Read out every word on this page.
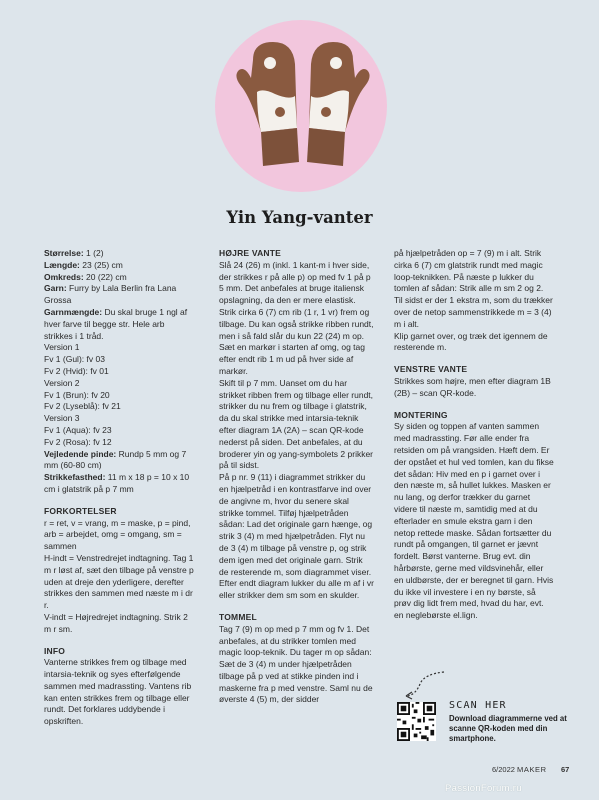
Yin Yang-vanter

Størrelse: 1 (2)

Længde: 23 (25) cm

Omkreds: 20 (22) cm

Garn: Furry by Lala Berlin fra Lana Grossa

Garnmængde: Du skal bruge 1 ngl af hver farve til begge str. Hele arb strikkes i 1 tråd.

Version 1

Fv 1 (Gul): fv 03

Fv 2 (Hvid): fv 01

Version 2

Fv 1 (Brun): fv 20

Fv 2 (Lyseblå): fv 21

Version 3

Fv 1 (Aqua): fv 23

Fv 2 (Rosa): fv 12

Vejledende pinde: Rundp 5 mm og 7 mm (60-80 cm)

Strikkefasthed: 11 m x 18 p = 10 x 10 cm i glatstrik på p 7 mm

FORKORTELSER

r = ret, v = vrang, m = maske, p = pind, arb = arbejdet, omg = omgang, sm = sammen

H-indt = Venstredrejet indtagning. Tag 1 m r løst af, sæt den tilbage på venstre p uden at dreje den yderligere, derefter strikkes den sammen med næste m i dr r.

V-indt = Højredrejet indtagning. Strik 2 m r sm.

INFO

Vanterne strikkes frem og tilbage med intarsia-teknik og syes efterfølgende sammen med madrassting. Vantens rib kan enten strikkes frem og tilbage eller rundt. Det forklares uddybende i opskriften.

HØJRE VANTE

Slå 24 (26) m (inkl. 1 kant-m i hver side, der strikkes r på alle p) op med fv 1 på p 5 mm. Det anbefales at bruge italiensk opslagning, da den er mere elastisk. Strik cirka 6 (7) cm rib (1 r, 1 vr) frem og tilbage. Du kan også strikke ribben rundt, men i så fald slår du kun 22 (24) m op. Sæt en markør i starten af omg, og tag efter endt rib 1 m ud på hver side af markør.

Skift til p 7 mm. Uanset om du har strikket ribben frem og tilbage eller rundt, strikker du nu frem og tilbage i glatstrik, da du skal strikke med intarsia-teknik efter diagram 1A (2A) – scan QR-kode nederst på siden. Det anbefales, at du broderer yin og yang-symbolets 2 prikker på til sidst.

På p nr. 9 (11) i diagrammet strikker du en hjælpetråd i en kontrastfarve ind over de angivne m, hvor du senere skal strikke tommel. Tilføj hjælpetråden sådan: Lad det originale garn hænge, og strik 3 (4) m med hjælpetråden. Flyt nu de 3 (4) m tilbage på venstre p, og strik dem igen med det originale garn. Strik de resterende m, som diagrammet viser.

Efter endt diagram lukker du alle m af i vr eller strikker dem sm som en skulder.

TOMMEL

Tag 7 (9) m op med p 7 mm og fv 1. Det anbefales, at du strikker tomlen med magic loop-teknik. Du tager m op sådan: Sæt de 3 (4) m under hjælpetråden tilbage på p ved at stikke pinden ind i maskerne fra p med venstre. Saml nu de øverste 4 (5) m, der sidder

på hjælpetråden op = 7 (9) m i alt. Strik cirka 6 (7) cm glatstrik rundt med magic loop-teknikken. På næste p lukker du tomlen af sådan: Strik alle m sm 2 og 2. Til sidst er der 1 ekstra m, som du trækker over de netop sammenstrikkede m = 3 (4) m i alt.

Klip garnet over, og træk det igennem de resterende m.

VENSTRE VANTE

Strikkes som højre, men efter diagram 1B (2B) – scan QR-kode.

MONTERING

Sy siden og toppen af vanten sammen med madrassting. Før alle ender fra retsiden om på vrangsiden. Hæft dem. Er der opstået et hul ved tomlen, kan du fikse det sådan: Hiv med en p i garnet over i den næste m, så hullet lukkes. Masken er nu lang, og derfor trækker du garnet videre til næste m, samtidig med at du efterlader en smule ekstra garn i den netop rettede maske. Sådan fortsætter du rundt på omgangen, til garnet er jævnt fordelt. Børst vanterne. Brug evt. din hårbørste, gerne med vildsvinehår, eller en uldbørste, der er beregnet til garn. Hvis du ikke vil investere i en ny børste, så prøv dig lidt frem med, hvad du har, evt. en neglebørste el.lign.

SCAN HER
Download diagrammerne ved at scanne QR-koden med din smartphone.
6/2022 MAKER 67
PassionForum.ru
